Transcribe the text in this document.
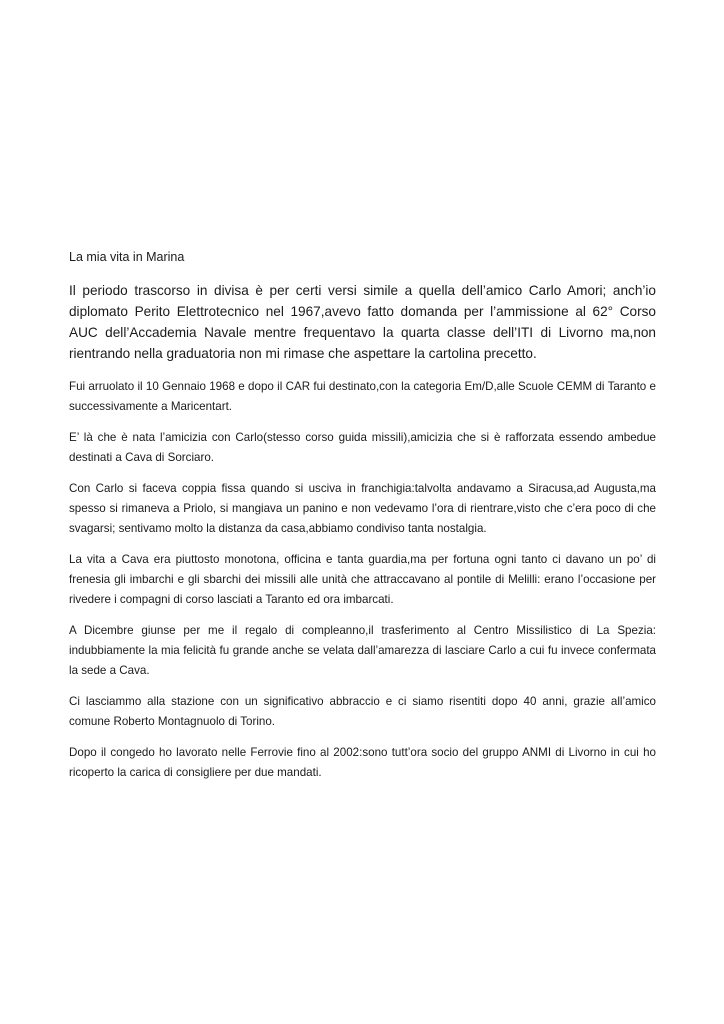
La mia vita in Marina

Il periodo trascorso in divisa è per certi versi simile a quella dell’amico Carlo Amori; anch’io diplomato Perito Elettrotecnico nel 1967,avevo fatto domanda per l’ammissione al 62° Corso AUC dell’Accademia Navale mentre frequentavo la quarta classe dell’ITI di Livorno ma,non rientrando nella graduatoria non mi rimase che aspettare la cartolina precetto.

Fui arruolato il 10 Gennaio 1968 e dopo il CAR fui destinato,con la categoria Em/D,alle Scuole CEMM di Taranto e successivamente a Maricentart.

E’ là che è nata l’amicizia con Carlo(stesso corso guida missili),amicizia che si è rafforzata essendo ambedue destinati a Cava di Sorciaro.

Con Carlo si faceva coppia fissa quando si usciva in franchigia:talvolta andavamo a Siracusa,ad Augusta,ma spesso si rimaneva a Priolo, si mangiava un panino e non vedevamo l’ora di rientrare,visto che c’era poco di che svagarsi; sentivamo molto la distanza da casa,abbiamo condiviso tanta nostalgia.

La vita a Cava era piuttosto monotona, officina e tanta guardia,ma per fortuna ogni tanto ci davano un po’ di frenesia gli imbarchi e gli sbarchi dei missili alle unità che attraccavano al pontile di Melilli: erano l’occasione per rivedere i compagni di corso lasciati a Taranto ed ora imbarcati.

A Dicembre giunse per me il regalo di compleanno,il trasferimento al Centro Missilistico di La Spezia: indubbiamente la mia felicità fu grande anche se velata dall’amarezza di lasciare Carlo a cui fu invece confermata la sede a Cava.

Ci lasciammo alla stazione con un significativo abbraccio e ci siamo risentiti dopo 40 anni, grazie all’amico comune Roberto Montagnuolo di Torino.

Dopo il congedo ho lavorato nelle Ferrovie fino al 2002:sono tutt’ora socio del gruppo ANMI di Livorno in cui ho ricoperto la carica di consigliere per due mandati.
